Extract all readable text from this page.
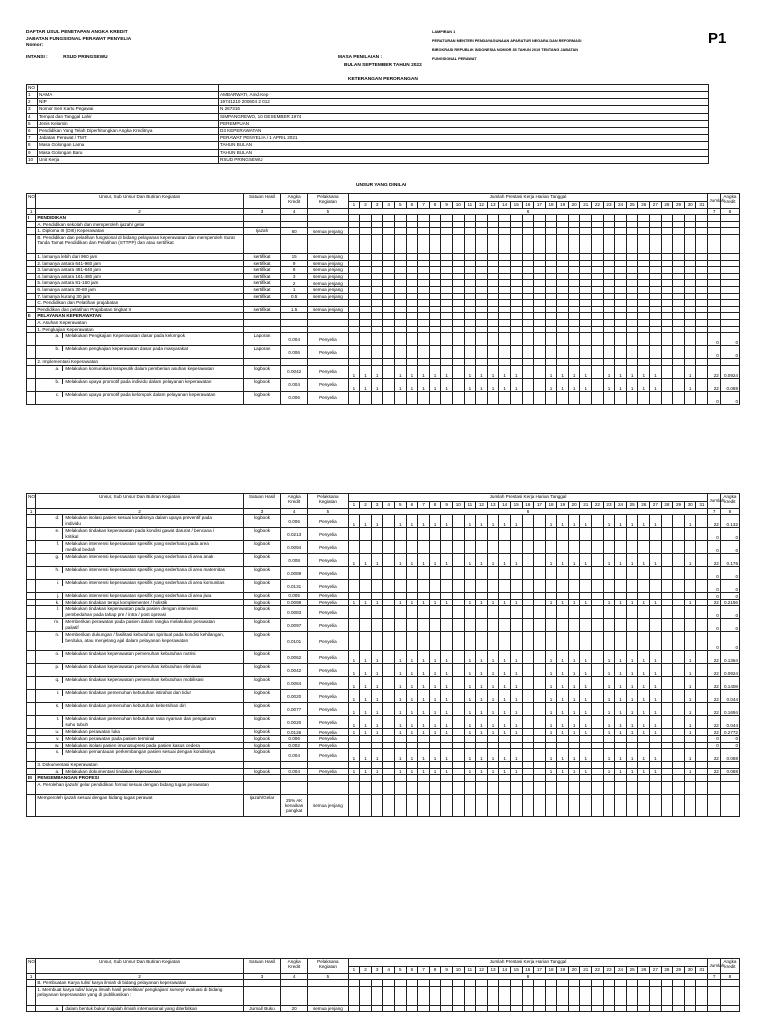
DAFTAR USUL PENETAPAN ANGKA KREDIT
JABATAN FUNGSIONAL PERAWAT PENYELIA
Nomor:
INTANSI :	RSUD PRINGSEWU
LAMPIRAN 1
PERATURAN MENTERI PENDAYAGUNAAN APARATUR NEGARA DAN REFORMASI
BIROKRASI REPUBLIK INDONESIA NOMOR 35 TAHUN 2019 TENTANG JABATAN
FUNGSIONAL PERAWAT
P1
MASA PENILAIAN :
BULAN SEPTEMBER TAHUN 2022
KETERANGAN PERORANGAN
NO		
1	NAMA	AMBARWATI, Amd.Kep
2	NIP	19741210 200604 2 012
3	Nomor Seri Kartu Pegawai	N 267316
4	Tempat dan Tanggal Lahir	SIMPANGREWO, 10 DESEMBER 1974
5	Jenis Kelamin	PEREMPUAN
6	Pendidikan Yang Telah Diperhitungkan Angka Kreditnya	D3 KEPERAWATAN
7	Jabatan Perawat / TMT	PERAWAT PENYELIA / 1 APRIL 2021
8	Masa Golongan Lama	TAHUN BULAN
9	Masa Golongan Baru	TAHUN BULAN
10	Unit Kerja	RSUD PRINGSEWU
UNSUR YANG DINILAI
NO	Unsur, Sub Unsur Dan Butiran Kegiatan	Satuan Hasil	Angka Kredit	Pelaksana Kegiatan	Jumlah Prestasi Kerja Harian Tanggal																															Jumlah	Angka kredit
					1	2	3	4	5	6	7	8	9	10	11	12	13	14	15	16	17	18	19	20	21	22	23	24	25	26	27	28	29	30	31		
1	2	3	4	5	6																															7	8
I	PENDIDIKAN																																				
	A. Pendidikan sekolah dan memperoleh ijazah/ gelar																																				
	1. Diploma III (DIII) Keperawatan	Ijazah	60	semua jenjang																																	
	B. Pendidikan dan pelatihan fungsional di bidang pelayanan keperawatan dan memperoleh Surat Tanda Tamat Pendidikan dan Pelatihan (STTPP) dan atau sertifikat																																				
	1. lamanya lebih dari 960 jam	sertifikat	15	semua jenjang																																	
	2. lamanya antara 641-960 jam	sertifikat	9	semua jenjang																																	
	3. lamanya antara 481-640 jam	sertifikat	6	semua jenjang																																	
	4. lamanya antara 161-480 jam	sertifikat	3	semua jenjang																																	
	5. lamanya antara 81-160 jam	sertifikat	2	semua jenjang																																	
	6. lamanya antara 30-80 jam	sertifikat	1	semua jenjang																																	
	7. lamanya kurang 30 jam	sertifikat	0.5	semua jenjang																																	
	C. Pendidikan dan Pelatihan prajabatan																																				
	Pendidikan dan pelatihan Prajabatan tingkat II	sertifikat	1.5	semua jenjang																																	
II	PELAYANAN KEPERAWATAN																																				
	A. Asuhan Keperawatan																																				
	1. Pengkajian Keperawatan																																				
	a. Melakukan Pengkajian Keperawatan dasar pada kelompok	Laporan	0.004	Penyelia																																0	0
	b. Melakukan pengkajian keperawatan dasar pada masyarakat	Laporan	0.006	Penyelia																																0	0
	2. Implementasi Keperawatan																																				
	a. Melakukan komunikasi terapeutik dalam pemberian asuhan keperawatan	logbook	0.0042	Penyelia	1	1	1		1	1	1	1	1		1	1	1	1	1			1	1	1	1		1	1	1	1	1			1		22	0.0924
	b. Melakukan upaya promotif pada individu dalam pelayanan keperawatan	logbook	0.004	Penyelia	1	1	1		1	1	1	1	1		1	1	1	1	1			1	1	1	1		1	1	1	1	1			1		22	0.088
	c. Melakukan upaya promotif pada kelompok dalam pelayanan keperawatan	logbook	0.006	Penyelia																																0	0
NO	Unsur, Sub Unsur Dan Butiran Kegiatan	Satuan Hasil	Angka Kredit	Pelaksana Kegiatan	Jumlah Prestasi Kerja Harian Tanggal																															Jumlah	Angka kredit
					1	2	3	4	5	6	7	8	9	10	11	12	13	14	15	16	17	18	19	20	21	22	23	24	25	26	27	28	29	30	31		
1	2	3	4	5	6																															7	8
	d. Melakukan isolasi pasien sesuai kondisinya dalam upaya preventif pada individu	logbook	0.006	Penyelia	1	1	1		1	1	1	1	1		1	1	1	1	1			1	1	1	1		1	1	1	1	1			1		22	0.132
	e. Melakukan tindakan keperawatan pada kondisi gawat darurat / bencana / kritikal	logbook	0.0213	Penyelia																																0	0
	f. Melakukan intervensi keperawatan spesifik yang sederhana pada area medikal bedah	logbook	0.0094	Penyelia																																0	0
	g. Melakukan intervensi keperawatan spesifik yang sederhana di area anak	logbook	0.008	Penyelia	1	1	1		1	1	1	1	1		1	1	1	1	1			1	1	1	1		1	1	1	1	1			1		22	0.176
	h. Melakukan intervensi keperawatan spesifik yang sederhana di area maternitas	logbook	0.0089	Penyelia																																0	0
	i. Melakukan intervensi keperawatan spesifik yang sederhana di area komunitas	logbook	0.0131	Penyelia																																0	0
	j. Melakukan intervensi keperawatan spesifik yang sederhana di area jiwa	logbook	0.005	Penyelia																																0	0
	k. Melakukan tindakan terapi komplementer / holistik	logbook	0.0098	Penyelia	1	1	1		1	1	1	1	1		1	1	1	1	1			1	1	1	1		1	1	1	1	1			1		22	0.2156
	l. Melakukan tindakan keperawatan pada pasien dengan intervensi pembedahan pada tahap pre / intra / post opreasi	logbook	0.0083	Penyelia																																0	0
	m. Memberikan perawatan pada pasien dalam rangka melakukan perawatan paliatif	logbook	0.0097	Penyelia																																0	0
	n. Memberikan dukungan / fasilitasi kebutuhan spiritual pada kondisi kehilangan, berduka, atau menjelang ajal dalam pelayanan keperawatan	logbook	0.0101	Penyelia																																0	0
	o. Melakukan tindakan keperawatan pemenuhan kebutuhan nutrisi	logbook	0.0062	Penyelia	1	1	1		1	1	1	1	1		1	1	1	1	1			1	1	1	1		1	1	1	1	1			1		22	0.1364
	p. Melakukan tindakan keperawatan pemenuhan kebutuhan eliminasi	logbook	0.0042	Penyelia	1	1	1		1	1	1	1	1		1	1	1	1	1			1	1	1	1		1	1	1	1	1			1		22	0.0924
	q. Melakukan tindakan keperawatan pemenuhan kebutuhan mobilisasi	logbook	0.0064	Penyelia	1	1	1		1	1	1	1	1		1	1	1	1	1			1	1	1	1		1	1	1	1	1			1		22	0.1408
	r. Melakukan tindakan pemenuhan kebutuhan istirahat dan tidur	logbook	0.0020	Penyelia	1	1	1		1	1	1	1	1		1	1	1	1	1			1	1	1	1		1	1	1	1	1			1		22	0.044
	s. Melakukan tindakan pemenuhan kebutuhan kebersihan diri	logbook	0.0077	Penyelia	1	1	1		1	1	1	1	1		1	1	1	1	1			1	1	1	1		1	1	1	1	1			1		22	0.1694
	t. Melakukan tindakan pemenuhan kebutuhan rasa nyaman dan pengaturan suhu tubuh	logbook	0.0020	Penyelia	1	1	1		1	1	1	1	1		1	1	1	1	1			1	1	1	1		1	1	1	1	1			1		22	0.044
	u. Melakukan perawatan luka	logbook	0.0126	Penyelia	1	1	1		1	1	1	1	1		1	1	1	1	1			1	1	1	1		1	1	1	1	1			1		22	0.2772
	v. Melakukan perawatan pada pasien terminal	logbook	0.006	Penyelia																																0	0
	w. Melakukan isolasi pasien imunosupresi pada pasien kasus cedera	logbook	0.002	Penyelia																																0	0
	x. Melakukan pemantauan perkembangan pasien sesuai dengan kondisinya	logbook	0.004	Penyelia	1	1	1		1	1	1	1	1		1	1	1	1	1			1	1	1	1		1	1	1	1	1			1		22	0.088
	3. Dokumentasi Keperawatan																																				
	a. Melakukan dokumentasi tindakan keperawatan	logbook	0.004	Penyelia	1	1	1		1	1	1	1	1		1	1	1	1	1			1	1	1	1		1	1	1	1	1			1		22	0.088
III	PENGEMBANGAN PROFESI																																				
	A. Perolehan ijazah/ gelar pendidikan formal sesuai dengan bidang tugas perawatan																																				
	Memperoleh ijazah sesuai dengan bidang tugas perawat	Ijazah/Gelar	25% AK kenaikan pangkat	semua jenjang																																	
NO	Unsur, Sub Unsur Dan Butiran Kegiatan	Satuan Hasil	Angka Kredit	Pelaksana Kegiatan	Jumlah Prestasi Kerja Harian Tanggal																															Jumlah	Angka kredit
					1	2	3	4	5	6	7	8	9	10	11	12	13	14	15	16	17	18	19	20	21	22	23	24	25	26	27	28	29	30	31		
1	2	3	4	5	6																															7	8
	B. Pembuatan Karya tulis/ karya ilmiah di bidang pelayanan keperawatan																																				
	1. Membuat karya tulis/ karya ilmiah hasil penelitian/ pengkajian/ survey/ evaluasi di bidang pelayanan keperawatan yang di publikasikan :																																				
	a. dalam bentuk buku/ majalah ilmiah internasional yang diterbitkan	Jurnal/ Buku	20	semua jenjang																																	
